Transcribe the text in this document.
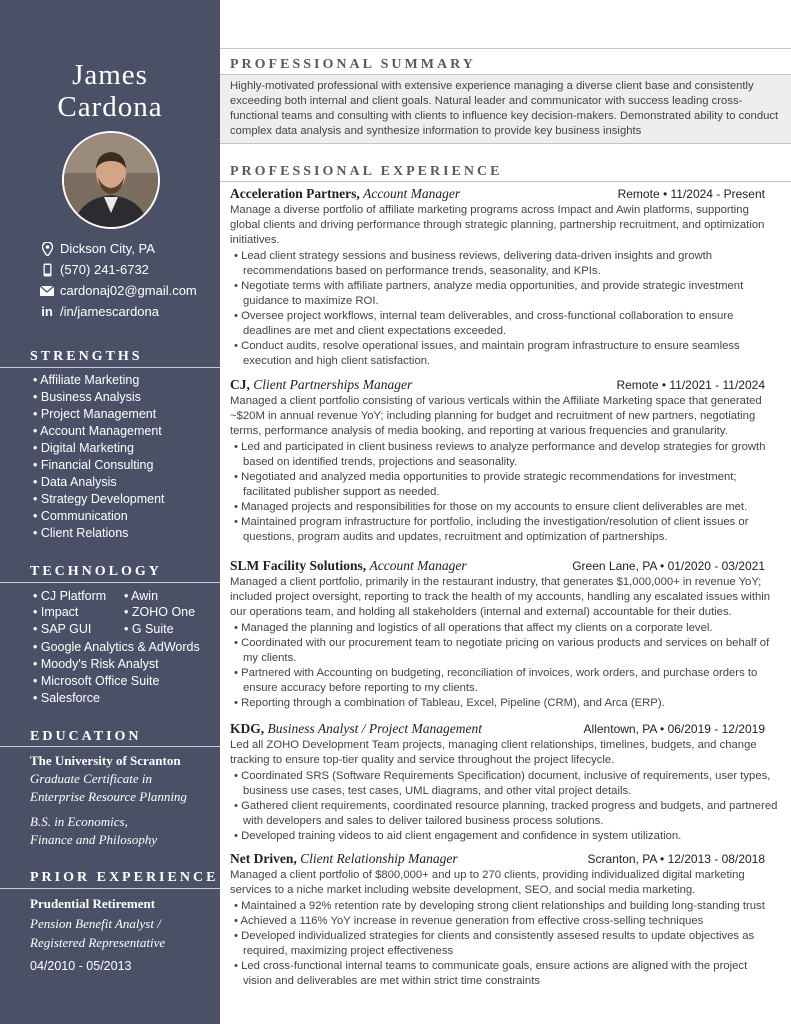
James
Cardona
Dickson City, PA
(570) 241-6732
cardonaj02@gmail.com
in /in/jamescardona
STRENGTHS
• Affiliate Marketing
• Business Analysis
• Project Management
• Account Management
• Digital Marketing
• Financial Consulting
• Data Analysis
• Strategy Development
• Communication
• Client Relations
TECHNOLOGY
• CJ Platform	• Awin
• Impact	• ZOHO One
• SAP GUI	• G Suite
• Google Analytics & AdWords
• Moody's Risk Analyst
• Microsoft Office Suite
• Salesforce
EDUCATION
The University of Scranton
Graduate Certificate in
Enterprise Resource Planning
B.S. in Economics,
Finance and Philosophy
PRIOR EXPERIENCE
Prudential Retirement
Pension Benefit Analyst /
Registered Representative
04/2010 - 05/2013
PROFESSIONAL SUMMARY

Highly-motivated professional with extensive experience managing a diverse client base and consistently exceeding both internal and client goals. Natural leader and communicator with success leading cross-functional teams and consulting with clients to influence key decision-makers. Demonstrated ability to conduct complex data analysis and synthesize information to provide key business insights

PROFESSIONAL EXPERIENCE
Acceleration Partners, Account Manager	Remote • 11/2024 - Present

Manage a diverse portfolio of affiliate marketing programs across Impact and Awin platforms, supporting global clients and driving performance through strategic planning, partnership recruitment, and optimization initiatives.

• Lead client strategy sessions and business reviews, delivering data-driven insights and growth recommendations based on performance trends, seasonality, and KPIs.
• Negotiate terms with affiliate partners, analyze media opportunities, and provide strategic investment guidance to maximize ROI.
• Oversee project workflows, internal team deliverables, and cross-functional collaboration to ensure deadlines are met and client expectations exceeded.
• Conduct audits, resolve operational issues, and maintain program infrastructure to ensure seamless execution and high client satisfaction.
CJ, Client Partnerships Manager	Remote • 11/2021 - 11/2024

Managed a client portfolio consisting of various verticals within the Affiliate Marketing space that generated ~$20M in annual revenue YoY; including planning for budget and recruitment of new partners, negotiating terms, performance analysis of media booking, and reporting at various frequencies and granularity.

• Led and participated in client business reviews to analyze performance and develop strategies for growth based on identified trends, projections and seasonality.
• Negotiated and analyzed media opportunities to provide strategic recommendations for investment; facilitated publisher support as needed.
• Managed projects and responsibilities for those on my accounts to ensure client deliverables are met.
• Maintained program infrastructure for portfolio, including the investigation/resolution of client issues or questions, program audits and updates, recruitment and optimization of partnerships.
SLM Facility Solutions, Account Manager	Green Lane, PA • 01/2020 - 03/2021

Managed a client portfolio, primarily in the restaurant industry, that generates $1,000,000+ in revenue YoY; included project oversight, reporting to track the health of my accounts, handling any escalated issues within our operations team, and holding all stakeholders (internal and external) accountable for their duties.

• Managed the planning and logistics of all operations that affect my clients on a corporate level.
• Coordinated with our procurement team to negotiate pricing on various products and services on behalf of my clients.
• Partnered with Accounting on budgeting, reconciliation of invoices, work orders, and purchase orders to ensure accuracy before reporting to my clients.
• Reporting through a combination of Tableau, Excel, Pipeline (CRM), and Arca (ERP).
KDG, Business Analyst / Project Management	Allentown, PA • 06/2019 - 12/2019

Led all ZOHO Development Team projects, managing client relationships, timelines, budgets, and change tracking to ensure top-tier quality and service throughout the project lifecycle.

• Coordinated SRS (Software Requirements Specification) document, inclusive of requirements, user types, business use cases, test cases, UML diagrams, and other vital project details.
• Gathered client requirements, coordinated resource planning, tracked progress and budgets, and partnered with developers and sales to deliver tailored business process solutions.
• Developed training videos to aid client engagement and confidence in system utilization.
Net Driven, Client Relationship Manager	Scranton, PA • 12/2013 - 08/2018

Managed a client portfolio of $800,000+ and up to 270 clients, providing individualized digital marketing services to a niche market including website development, SEO, and social media marketing.

• Maintained a 92% retention rate by developing strong client relationships and building long-standing trust
• Achieved a 116% YoY increase in revenue generation from effective cross-selling techniques
• Developed individualized strategies for clients and consistently assesed results to update objectives as required, maximizing project effectiveness
• Led cross-functional internal teams to communicate goals, ensure actions are aligned with the project vision and deliverables are met within strict time constraints
